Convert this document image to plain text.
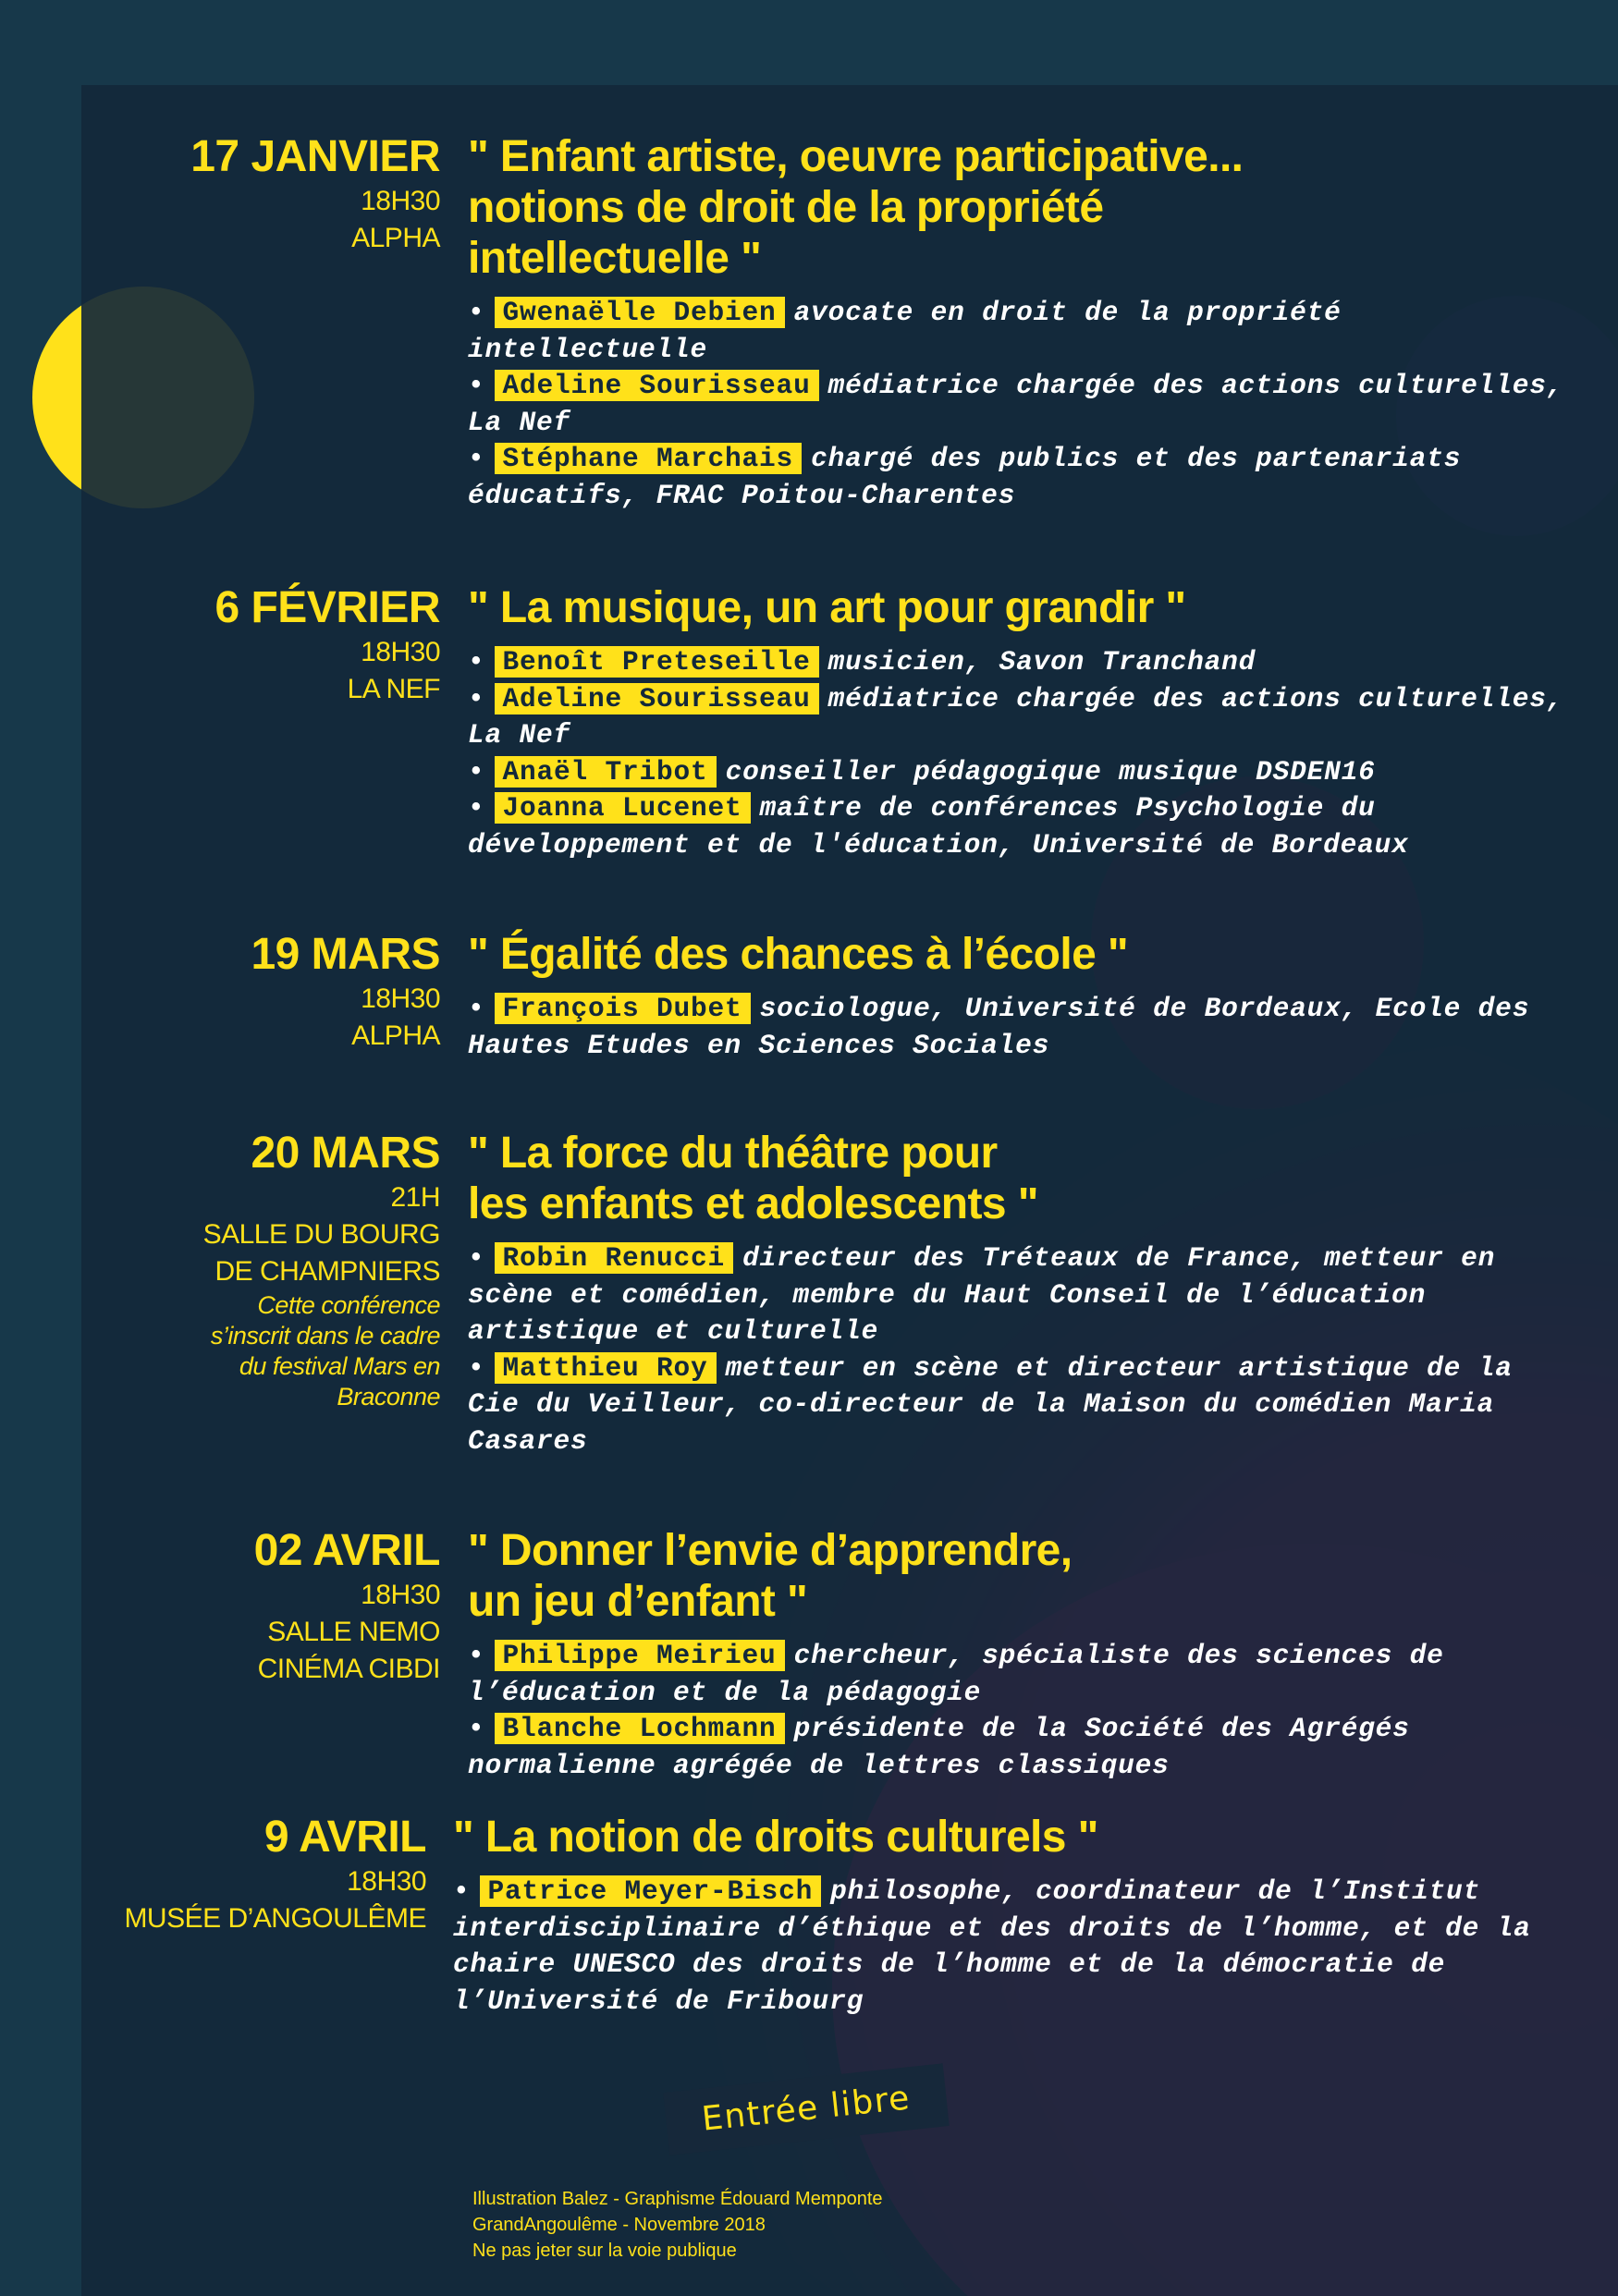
17 JANVIER
18H30
ALPHA
" Enfant artiste, oeuvre participative...
notions de droit de la propriété
intellectuelle "
• Gwenaëlle Debien avocate en droit de la propriété intellectuelle
• Adeline Sourisseau médiatrice chargée des actions culturelles, La Nef
• Stéphane Marchais chargé des publics et des partenariats éducatifs, FRAC Poitou-Charentes
6 FÉVRIER
18H30
LA NEF
" La musique, un art pour grandir "
• Benoît Preteseille musicien, Savon Tranchand
• Adeline Sourisseau médiatrice chargée des actions culturelles, La Nef
• Anaël Tribot conseiller pédagogique musique DSDEN16
• Joanna Lucenet maître de conférences Psychologie du développement et de l'éducation, Université de Bordeaux
19 MARS
18H30
ALPHA
" Égalité des chances à l’école "
• François Dubet sociologue, Université de Bordeaux, Ecole des Hautes Etudes en Sciences Sociales
20 MARS
21H
SALLE DU BOURG
DE CHAMPNIERS
Cette conférence s’inscrit dans le cadre du festival Mars en Braconne
" La force du théâtre pour
les enfants et adolescents "
• Robin Renucci directeur des Tréteaux de France, metteur en scène et comédien, membre du Haut Conseil de l’éducation artistique et culturelle
• Matthieu Roy metteur en scène et directeur artistique de la Cie du Veilleur, co-directeur de la Maison du comédien Maria Casares
02 AVRIL
18H30
SALLE NEMO
CINÉMA CIBDI
" Donner l’envie d’apprendre,
un jeu d’enfant "
• Philippe Meirieu chercheur, spécialiste des sciences de l’éducation et de la pédagogie
• Blanche Lochmann présidente de la Société des Agrégés normalienne agrégée de lettres classiques
9 AVRIL
18H30
MUSÉE D’ANGOULÊME
" La notion de droits culturels "
• Patrice Meyer-Bisch philosophe, coordinateur de l’Institut interdisciplinaire d’éthique et des droits de l’homme, et de la chaire UNESCO des droits de l’homme et de la démocratie de l’Université de Fribourg
Entrée libre
Illustration Balez - Graphisme Édouard Memponte
GrandAngoulême - Novembre 2018
Ne pas jeter sur la voie publique
